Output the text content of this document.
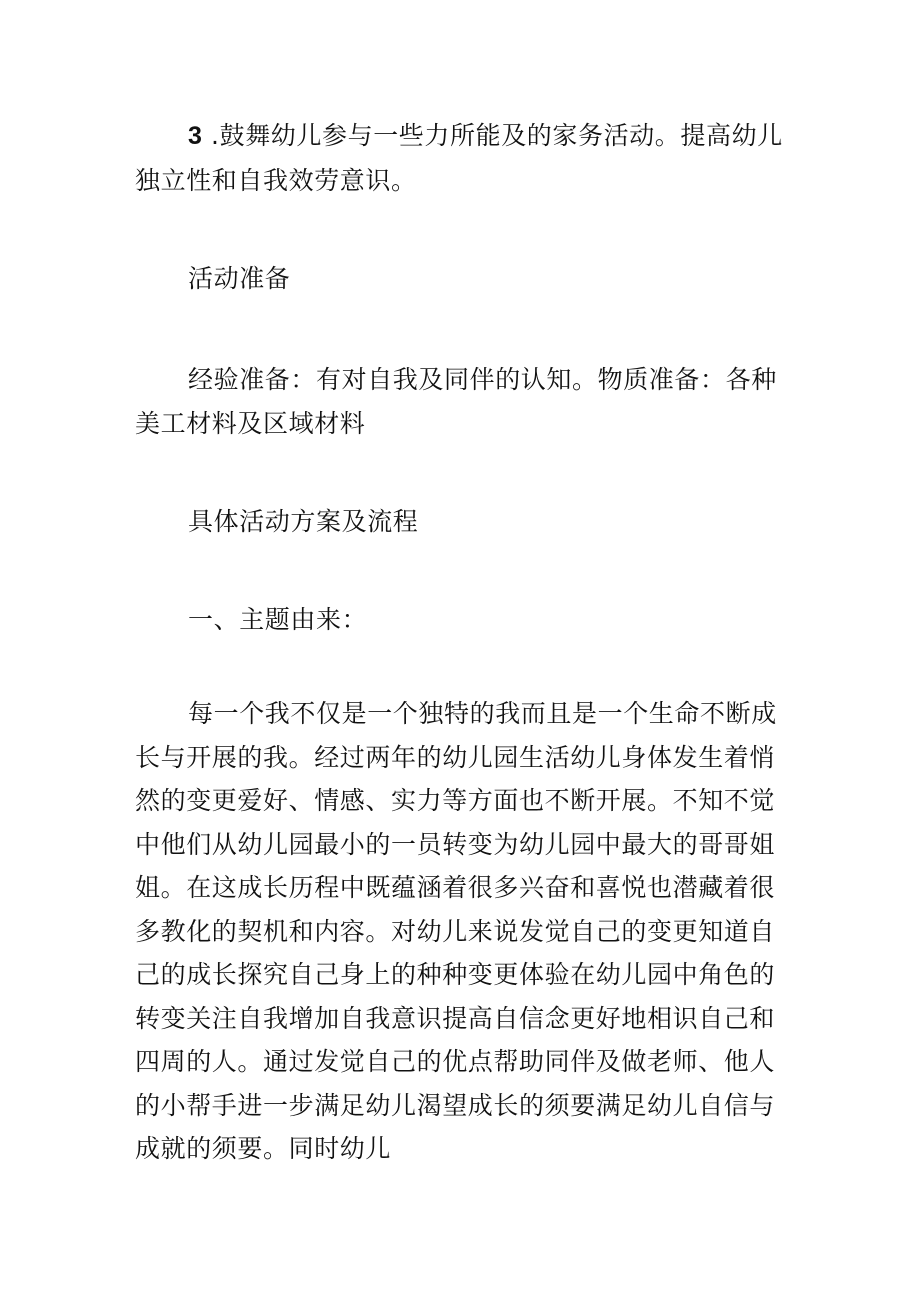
3 .鼓舞幼儿参与一些力所能及的家务活动。提高幼儿独立性和自我效劳意识。

活动准备

经验准备：有对自我及同伴的认知。物质准备：各种美工材料及区域材料

具体活动方案及流程

一、主题由来：

每一个我不仅是一个独特的我而且是一个生命不断成长与开展的我。经过两年的幼儿园生活幼儿身体发生着悄然的变更爱好、情感、实力等方面也不断开展。不知不觉中他们从幼儿园最小的一员转变为幼儿园中最大的哥哥姐姐。在这成长历程中既蕴涵着很多兴奋和喜悦也潜藏着很多教化的契机和内容。对幼儿来说发觉自己的变更知道自己的成长探究自己身上的种种变更体验在幼儿园中角色的转变关注自我增加自我意识提高自信念更好地相识自己和四周的人。通过发觉自己的优点帮助同伴及做老师、他人的小帮手进一步满足幼儿渴望成长的须要满足幼儿自信与成就的须要。同时幼儿
